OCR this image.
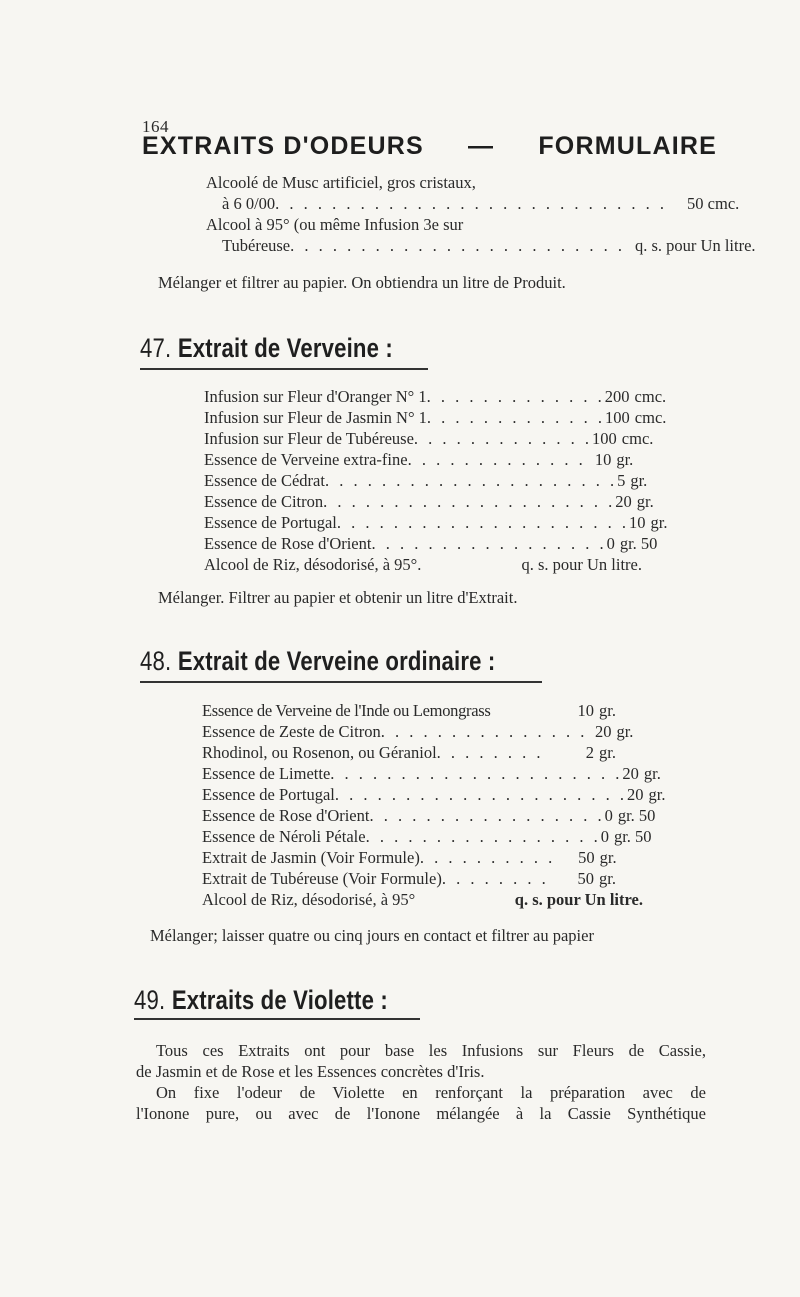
164
EXTRAITS D'ODEURS — FORMULAIRE
Alcoolé de Musc artificiel, gros cristaux,
à 6 0/00 . . . . . . . . . . . . . . . . . . . . . . . . . . . . 50 cmc.
Alcool à 95° (ou même Infusion 3e sur
Tubéreuse . . . . . . . . . . . . . . . . . . . . . . . . q. s. pour Un litre.
Mélanger et filtrer au papier. On obtiendra un litre de Produit.
47. Extrait de Verveine :
Infusion sur Fleur d'Oranger N° 1 . . . . . . . . . . . . . 200 cmc.
Infusion sur Fleur de Jasmin N° 1 . . . . . . . . . . . . . 100 cmc.
Infusion sur Fleur de Tubéreuse . . . . . . . . . . . . . 100 cmc.
Essence de Verveine extra-fine . . . . . . . . . . . . . 10 gr.
Essence de Cédrat . . . . . . . . . . . . . . . . . . . . . 5 gr.
Essence de Citron . . . . . . . . . . . . . . . . . . . . . 20 gr.
Essence de Portugal . . . . . . . . . . . . . . . . . . . . . 10 gr.
Essence de Rose d'Orient . . . . . . . . . . . . . . . . . 0 gr. 50
Alcool de Riz, désodorisé, à 95°.	q. s. pour Un litre.
Mélanger. Filtrer au papier et obtenir un litre d'Extrait.
48. Extrait de Verveine ordinaire :
Essence de Verveine de l'Inde ou Lemongrass	10 gr.
Essence de Zeste de Citron . . . . . . . . . . . . . . . 20 gr.
Rhodinol, ou Rosenon, ou Géraniol . . . . . . . .	2 gr.
Essence de Limette . . . . . . . . . . . . . . . . . . . . . 20 gr.
Essence de Portugal . . . . . . . . . . . . . . . . . . . . . 20 gr.
Essence de Rose d'Orient . . . . . . . . . . . . . . . . . 0 gr. 50
Essence de Néroli Pétale . . . . . . . . . . . . . . . . . 0 gr. 50
Extrait de Jasmin (Voir Formule) . . . . . . . . . .	50 gr.
Extrait de Tubéreuse (Voir Formule) . . . . . . . .	50 gr.
Alcool de Riz, désodorisé, à 95°	q. s. pour Un litre.
Mélanger; laisser quatre ou cinq jours en contact et filtrer au papier
49. Extraits de Violette :
Tous ces Extraits ont pour base les Infusions sur Fleurs de Cassie,
de Jasmin et de Rose et les Essences concrètes d'Iris.
On fixe l'odeur de Violette en renforçant la préparation avec de
l'Ionone pure, ou avec de l'Ionone mélangée à la Cassie Synthétique
